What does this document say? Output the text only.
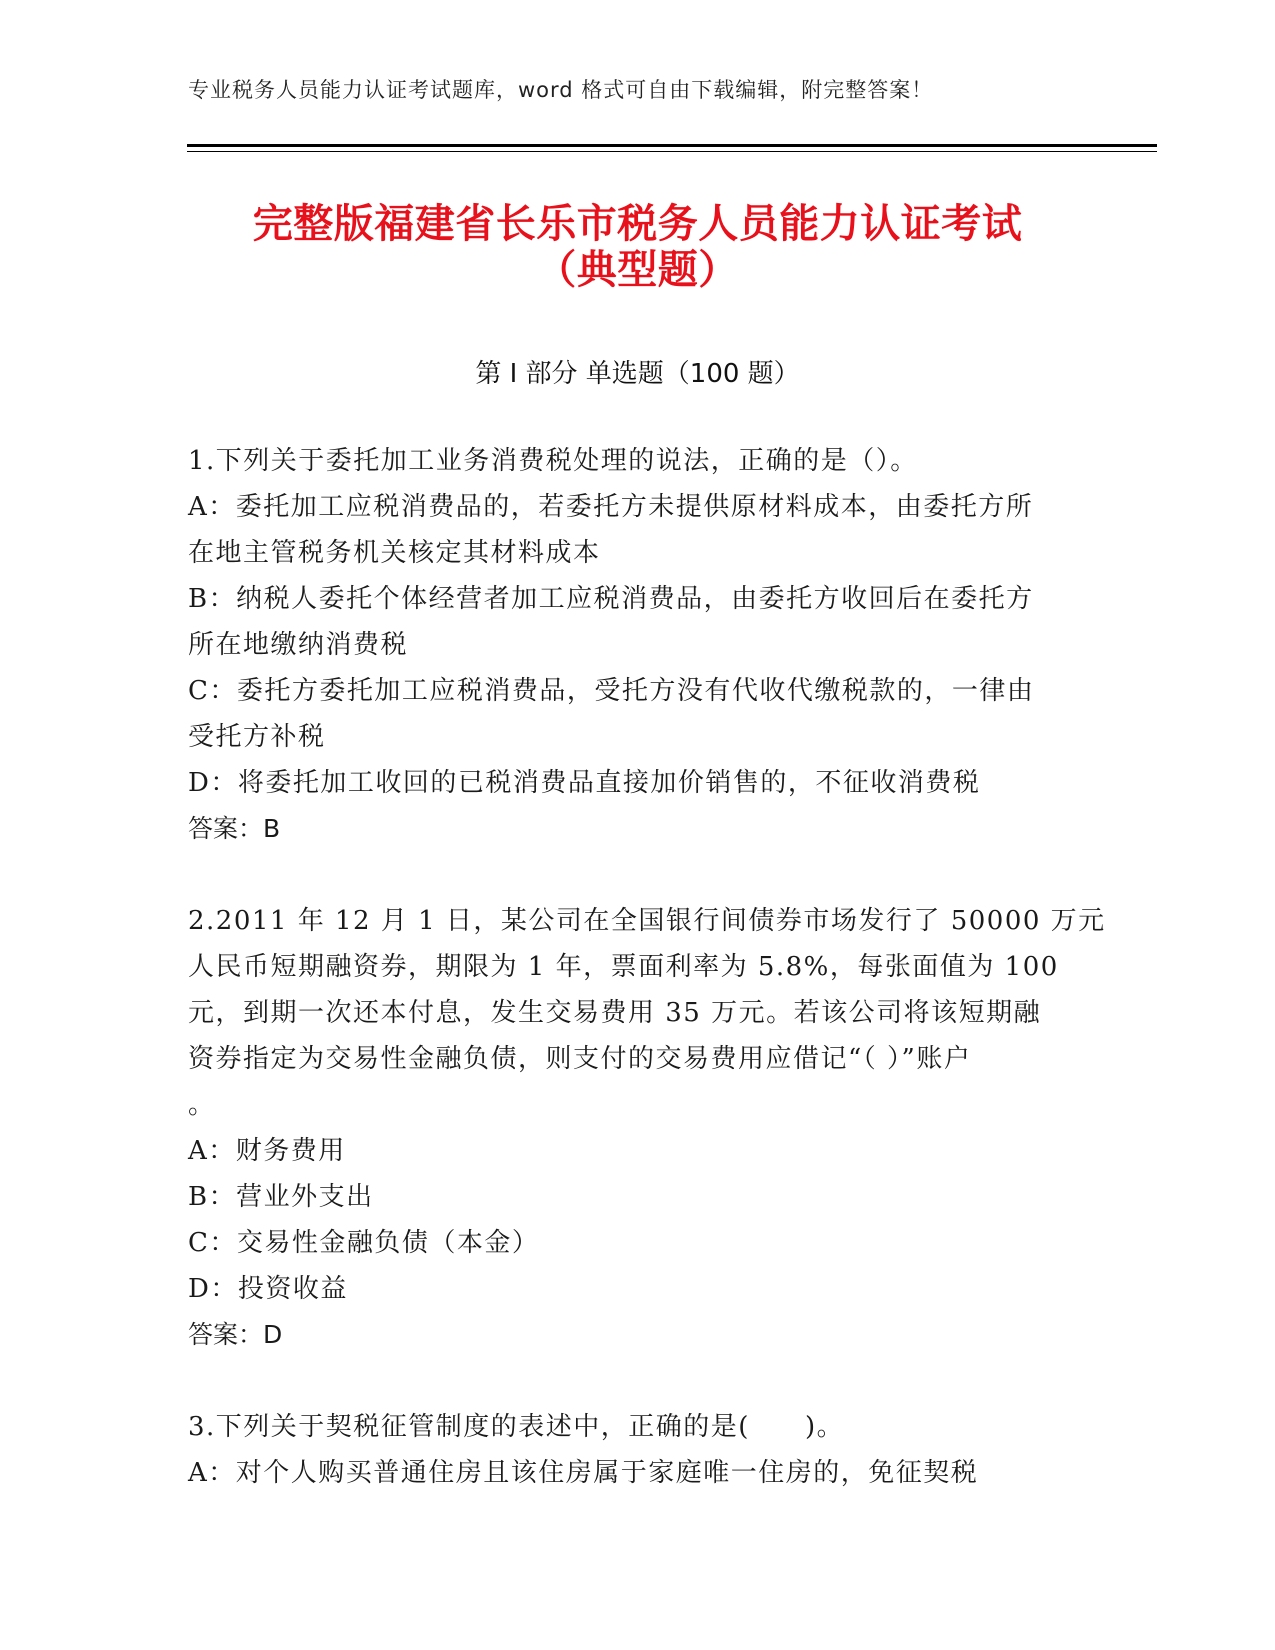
专业税务人员能力认证考试题库，word 格式可自由下载编辑，附完整答案！
完整版福建省长乐市税务人员能力认证考试
（典型题）
第 I 部分 单选题（100 题）
1.下列关于委托加工业务消费税处理的说法，正确的是（）。
A：委托加工应税消费品的，若委托方未提供原材料成本，由委托方所
在地主管税务机关核定其材料成本
B：纳税人委托个体经营者加工应税消费品，由委托方收回后在委托方
所在地缴纳消费税
C：委托方委托加工应税消费品，受托方没有代收代缴税款的，一律由
受托方补税
D：将委托加工收回的已税消费品直接加价销售的，不征收消费税
答案：B
2.2011 年 12 月 1 日，某公司在全国银行间债券市场发行了 50000 万元
人民币短期融资券，期限为 1 年，票面利率为 5.8%，每张面值为 100
元，到期一次还本付息，发生交易费用 35 万元。若该公司将该短期融
资券指定为交易性金融负债，则支付的交易费用应借记“（ ）”账户
。
A：财务费用
B：营业外支出
C：交易性金融负债（本金）
D：投资收益
答案：D
3.下列关于契税征管制度的表述中，正确的是(　　)。
A：对个人购买普通住房且该住房属于家庭唯一住房的，免征契税
